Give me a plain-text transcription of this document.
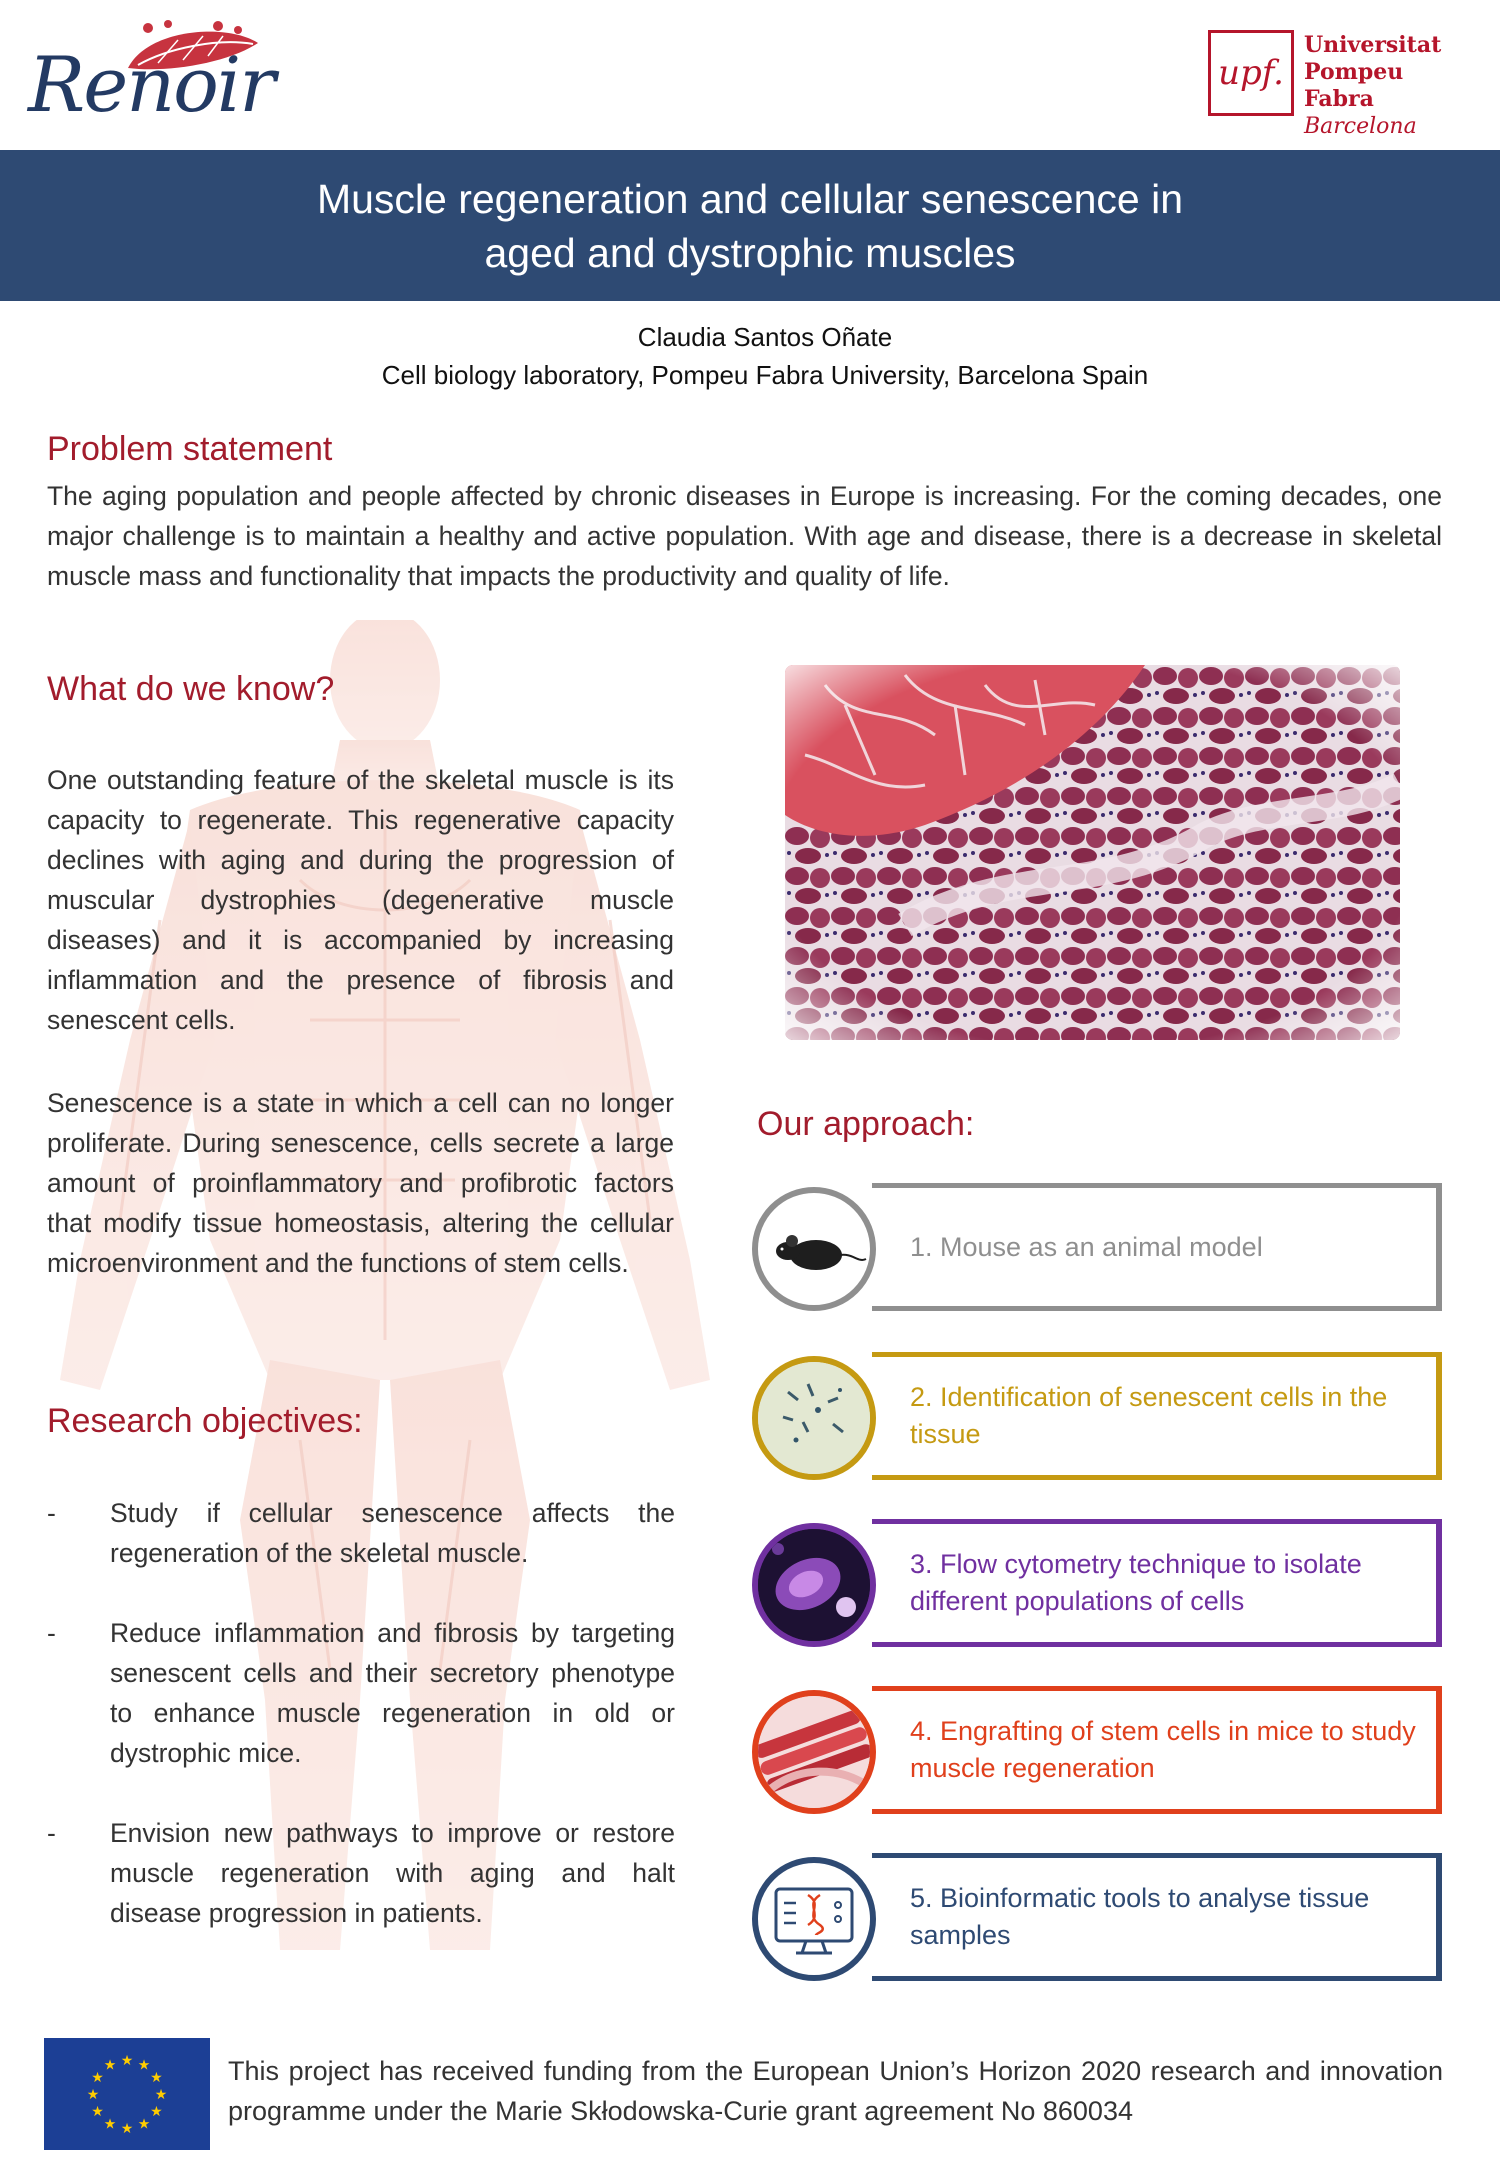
Renoir	upf.
Universitat
Pompeu Fabra
Barcelona
Muscle regeneration and cellular senescence in
aged and dystrophic muscles
Claudia Santos Oñate
Cell biology laboratory, Pompeu Fabra University, Barcelona Spain
Problem statement
The aging population and people affected by chronic diseases in Europe is increasing. For the coming decades, one major challenge is to maintain a healthy and active population. With age and disease, there is a decrease in skeletal muscle mass and functionality that impacts the productivity and quality of life.
What do we know?
One outstanding feature of the skeletal muscle is its capacity to regenerate. This regenerative capacity declines with aging and during the progression of muscular dystrophies (degenerative muscle diseases) and it is accompanied by increasing inflammation and the presence of fibrosis and senescent cells.
Senescence is a state in which a cell can no longer proliferate. During senescence, cells secrete a large amount of proinflammatory and profibrotic factors that modify tissue homeostasis, altering the cellular microenvironment and the functions of stem cells.
Research objectives:
- Study if cellular senescence affects the regeneration of the skeletal muscle.
- Reduce inflammation and fibrosis by targeting senescent cells and their secretory phenotype to enhance muscle regeneration in old or dystrophic mice.
- Envision new pathways to improve or restore muscle regeneration with aging and halt disease progression in patients.
Our approach:
1. Mouse as an animal model
2. Identification of senescent cells in the tissue
3. Flow cytometry technique to isolate different populations of cells
4. Engrafting of stem cells in mice to study muscle regeneration
5. Bioinformatic tools to analyse tissue samples
★
★
★
★
★
★
★
★
★ ★ ★
★ This project has received funding from the European Union’s Horizon 2020 research and innovation programme under the Marie Skłodowska-Curie grant agreement No 860034
